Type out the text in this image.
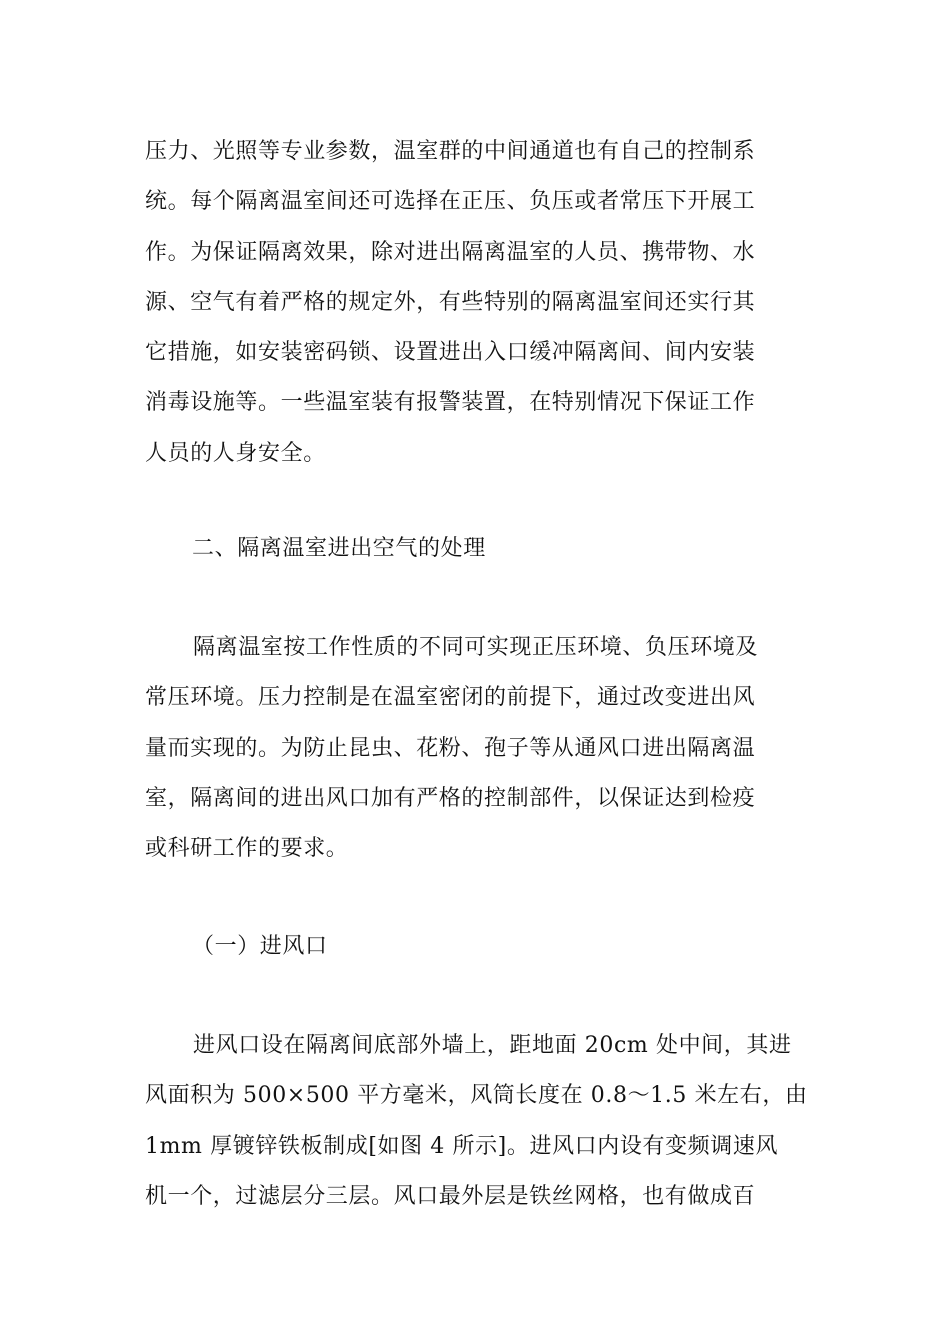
压力、光照等专业参数，温室群的中间通道也有自己的控制系
统。每个隔离温室间还可选择在正压、负压或者常压下开展工
作。为保证隔离效果，除对进出隔离温室的人员、携带物、水
源、空气有着严格的规定外，有些特别的隔离温室间还实行其
它措施，如安装密码锁、设置进出入口缓冲隔离间、间内安装
消毒设施等。一些温室装有报警装置，在特别情况下保证工作
人员的人身安全。

二、隔离温室进出空气的处理

隔离温室按工作性质的不同可实现正压环境、负压环境及
常压环境。压力控制是在温室密闭的前提下，通过改变进出风
量而实现的。为防止昆虫、花粉、孢子等从通风口进出隔离温
室，隔离间的进出风口加有严格的控制部件，以保证达到检疫
或科研工作的要求。

（一）进风口

进风口设在隔离间底部外墙上，距地面 20cm 处中间，其进
风面积为 500×500 平方毫米，风筒长度在 0.8～1.5 米左右，由
1mm 厚镀锌铁板制成[如图 4 所示]。进风口内设有变频调速风
机一个，过滤层分三层。风口最外层是铁丝网格，也有做成百
